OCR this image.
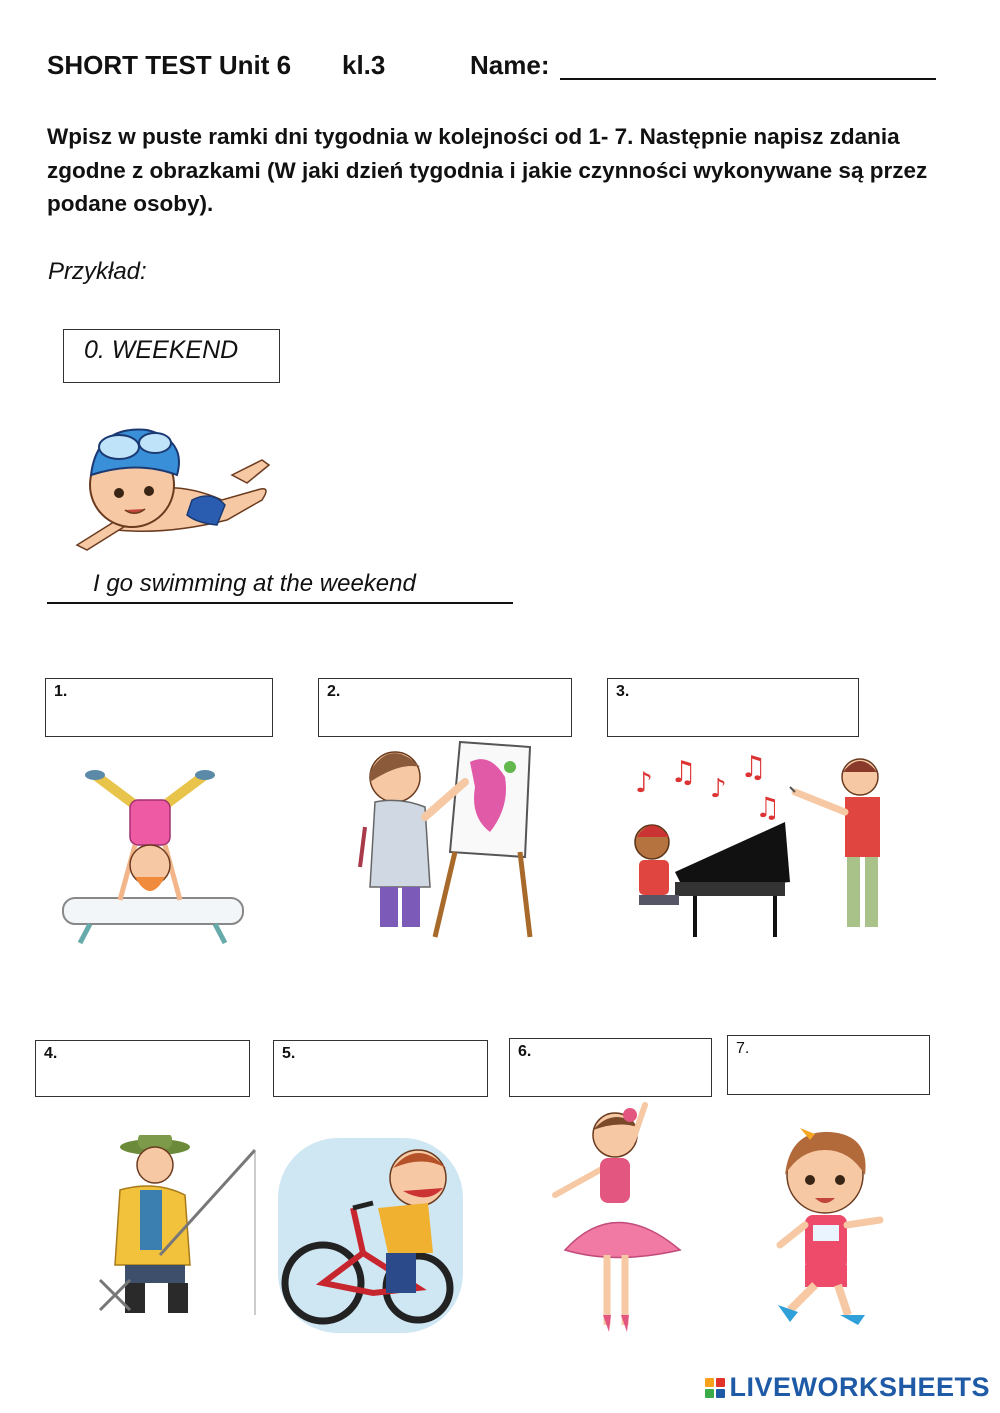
SHORT TEST Unit 6 kl.3	Name:
Wpisz w puste ramki dni tygodnia w kolejności od 1- 7. Następnie napisz zdania zgodne z obrazkami (W jaki dzień tygodnia i jakie czynności wykonywane są przez podane osoby).
Przykład:
0. WEEKEND
I go swimming at the weekend
1.	2.	3.
♪ ♫ ♪
♫
♫
4.	5.	6.	7.
LIVEWORKSHEETS
